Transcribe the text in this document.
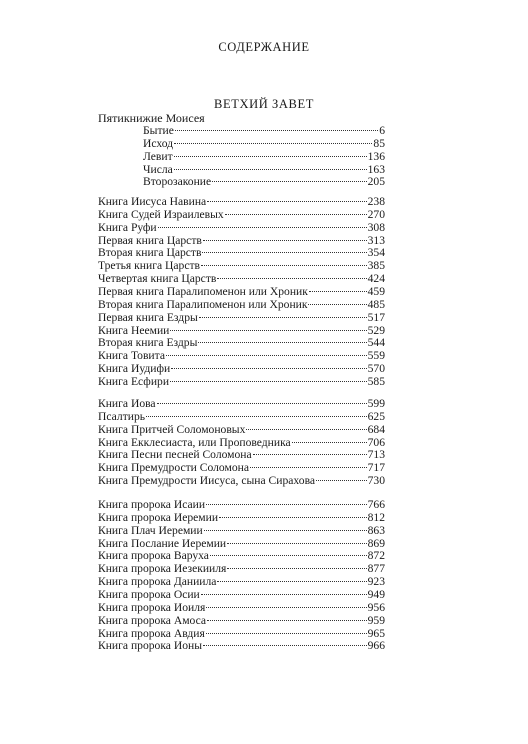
СОДЕРЖАНИЕ
ВЕТХИЙ ЗАВЕТ
Пятикнижие Моисея
Бытие	6
Исход	85
Левит	136
Числа	163
Второзаконие	205
Книга Иисуса Навина	238
Книга Судей Израилевых	270
Книга Руфи	308
Первая книга Царств	313
Вторая книга Царств	354
Третья книга Царств	385
Четвертая книга Царств	424
Первая книга Паралипоменон или Хроник	459
Вторая книга Паралипоменон или Хроник	485
Первая книга Ездры	517
Книга Неемии	529
Вторая книга Ездры	544
Книга Товита	559
Книга Иудифи	570
Книга Есфири	585
Книга Иова	599
Псалтирь	625
Книга Притчей Соломоновых	684
Книга Екклесиаста, или Проповедника	706
Книга Песни песней Соломона	713
Книга Премудрости Соломона	717
Книга Премудрости Иисуса, сына Сирахова	730
Книга пророка Исаии	766
Книга пророка Иеремии	812
Книга Плач Иеремии	863
Книга Послание Иеремии	869
Книга пророка Варуха	872
Книга пророка Иезекииля	877
Книга пророка Даниила	923
Книга пророка Осии	949
Книга пророка Иоиля	956
Книга пророка Амоса	959
Книга пророка Авдия	965
Книга пророка Ионы	966
